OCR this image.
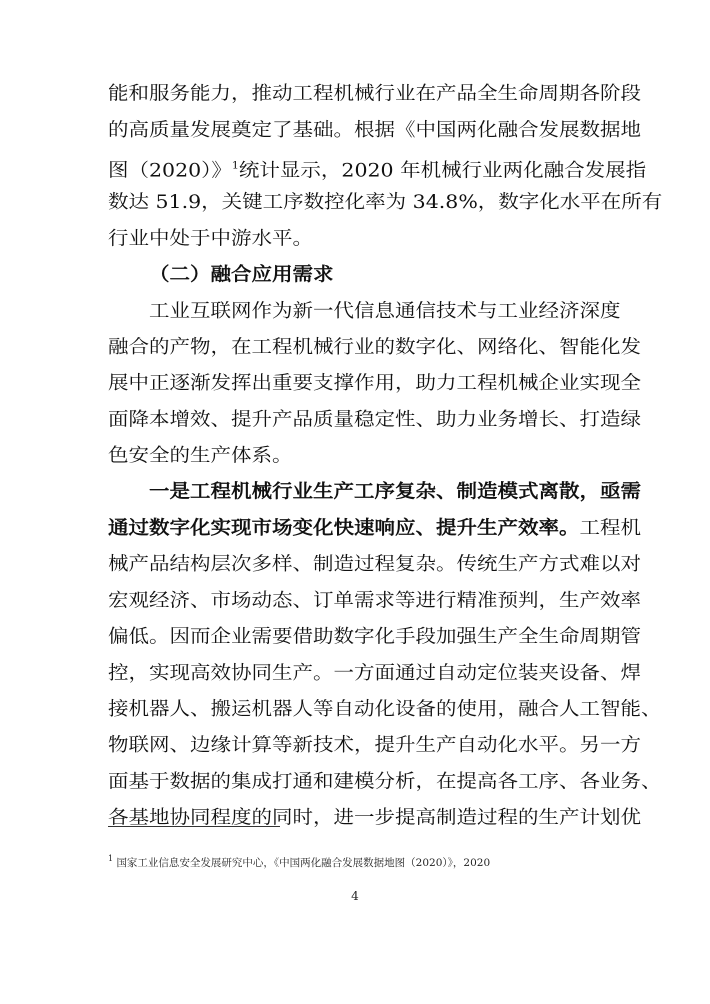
能和服务能力，推动工程机械行业在产品全生命周期各阶段
的高质量发展奠定了基础。根据《中国两化融合发展数据地
图（2020）》$^1$统计显示，2020 年机械行业两化融合发展指
数达 51.9，关键工序数控化率为 34.8%，数字化水平在所有
行业中处于中游水平。
（二）融合应用需求
工业互联网作为新一代信息通信技术与工业经济深度
融合的产物，在工程机械行业的数字化、网络化、智能化发
展中正逐渐发挥出重要支撑作用，助力工程机械企业实现全
面降本增效、提升产品质量稳定性、助力业务增长、打造绿
色安全的生产体系。
一是工程机械行业生产工序复杂、制造模式离散，亟需
通过数字化实现市场变化快速响应、提升生产效率。工程机
械产品结构层次多样、制造过程复杂。传统生产方式难以对
宏观经济、市场动态、订单需求等进行精准预判，生产效率
偏低。因而企业需要借助数字化手段加强生产全生命周期管
控，实现高效协同生产。一方面通过自动定位装夹设备、焊
接机器人、搬运机器人等自动化设备的使用，融合人工智能、
物联网、边缘计算等新技术，提升生产自动化水平。另一方
面基于数据的集成打通和建模分析，在提高各工序、各业务、
各基地协同程度的同时，进一步提高制造过程的生产计划优
$^1$ 国家工业信息安全发展研究中心，《中国两化融合发展数据地图（2020）》，2020
4
